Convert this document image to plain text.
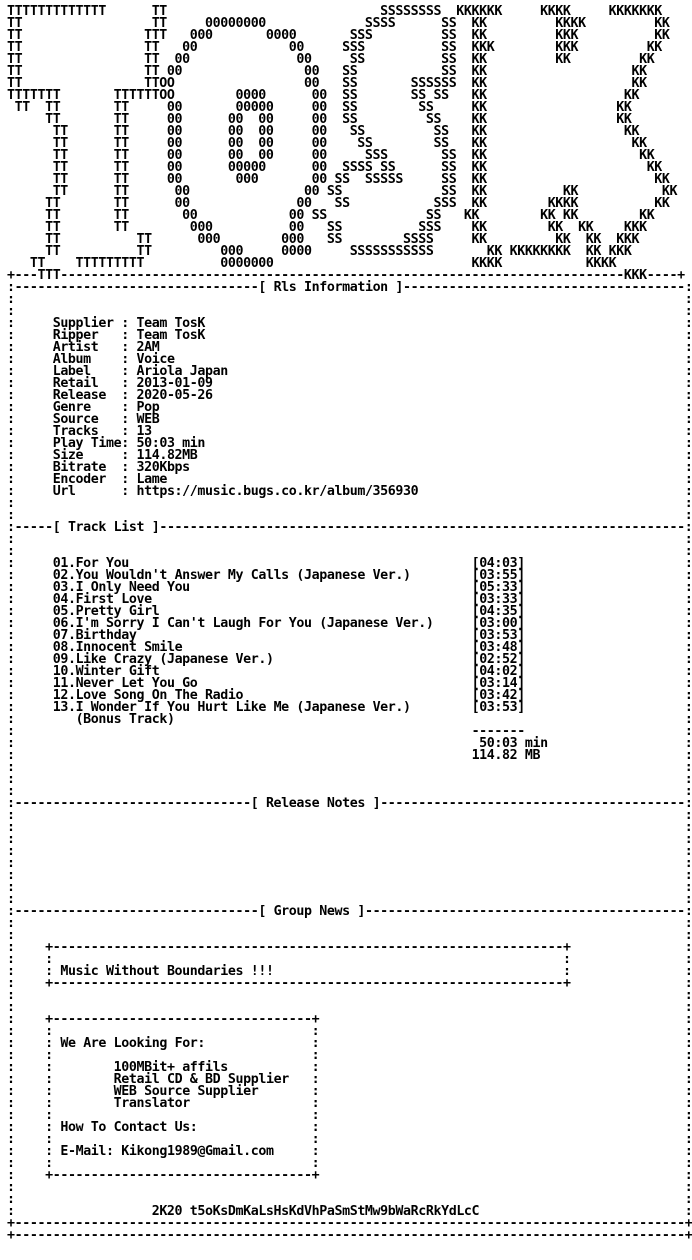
TTTTTTTTTTTTT      TT                            SSSSSSSS  KKKKKK     KKKK     KKKKKKK
TT                 TT     00000000             SSSS      SS  KK         KKKK         KK
TT                TTT   000       0000       SSS         SS  KK         KKK          KK
TT                TT   00            00     SSS          SS  KKK        KKK         KK
TT                TT  00              00     SS          SS  KK         KK         KK
TT                TT 00                00   SS           SS  KK                   KK
TT                TTOO                 00   SS       SSSSSS  KK                   KK
TTTTTTT       TTTTTTOO        0000      00  SS       SS SS   KK                  KK
TT  TT       TT     00       00000     00  SS        SS     KK                 KK
TT       TT     00      00  00     00  SS         SS    KK                 KK
TT      TT     00      00  00     00   SS         SS   KK                  KK
TT      TT     00      00  00     00    SS        SS   KK                   KK
TT      TT     00      00  00     00     SSS       SS  KK                    KK
TT      TT     00      00000      00  SSSS SS      SS  KK                     KK
TT      TT     00       000       00 SS  SSSSS     SS  KK                      KK
TT      TT      00               00 SS             SS  KK          KK           KK
TT       TT      00              00   SS           SSS  KK        KKKK          KK
TT       TT       00            00 SS             SS   KK        KK KK        KK
TT       TT        000          00   SS          SSS    KK        KK  KK    KKK
TT          TT      000        000   SS        SSSS     KK         KK  KK  KKK
TT          TT         000     0000     SSSSSSSSSSS       KK KKKKKKKK  KK KKK
TT    TTTTTTTTT          0000000                          KKKK           KKKK
+---TTT--------------------------------------------------------------------------KKK----+
:--------------------------------[ Rls Information ]-------------------------------------:
:	:
:	:
:	Supplier : Team TosK	:
:	Ripper   : Team TosK	:
:	Artist   : 2AM	:
:	Album    : Voice	:
:	Label    : Ariola Japan	:
:	Retail   : 2013-01-09	:
:	Release  : 2020-05-26	:
:	Genre    : Pop	:
:	Source   : WEB	:
:	Tracks   : 13	:
:	Play Time: 50:03 min	:
:	Size     : 114.82MB	:
:	Bitrate  : 320Kbps	:
:	Encoder  : Lame	:
:	Url      : https://music.bugs.co.kr/album/356930	:
:	:
:	:
:-----[ Track List ]---------------------------------------------------------------------:
:	:
:	:
:	01.For You	[04:03]	:
:	02.You Wouldn't Answer My Calls (Japanese Ver.)	[03:55]	:
:	03.I Only Need You	[05:33]	:
:	04.First Love	[03:33]	:
:	05.Pretty Girl	[04:35]	:
:	06.I'm Sorry I Can't Laugh For You (Japanese Ver.)	[03:00]	:
:	07.Birthday	[03:53]	:
:	08.Innocent Smile	[03:48]	:
:	09.Like Crazy (Japanese Ver.)	[02:52]	:
:	10.Winter Gift	[04:02]	:
:	11.Never Let You Go	[03:14]	:
:	12.Love Song On The Radio	[03:42]	:
:	13.I Wonder If You Hurt Like Me (Japanese Ver.)	[03:53]	:
:	(Bonus Track)	:
:	-------	:
:	50:03 min	:
:	114.82 MB	:
:	:
:	:
:	:
:-------------------------------[ Release Notes ]----------------------------------------:
:	:
:	:
:	:
:	:
:	:
:	:
:	:
:	:
:--------------------------------[ Group News ]------------------------------------------:
:	:
:	:
: +-------------------------------------------------------------------+	:
: :                                                                   :	:
: : Music Without Boundaries !!!                                      :	:
: +-------------------------------------------------------------------+	:
:	:
:	:
: +----------------------------------+	:
: :                                  :	:
: : We Are Looking For:              :	:
: :                                  :	:
: :	100MBit+ affils           :	:
: :	Retail CD & BD Supplier   :	:
: :	WEB Source Supplier       :	:
: :	Translator                :	:
: :                                  :	:
: : How To Contact Us:               :	:
: :                                  :	:
: : E-Mail: Kikong1989@Gmail.com     :	:
: :                                  :	:
: +----------------------------------+	:
:	:
:	:
:	2K20 t5oKsDmKaLsHsKdVhPaSmStMw9bWaRcRkYdLcC	:
+----------------------------------------------------------------------------------------+
+----------------------------------------------------------------------------------------+
